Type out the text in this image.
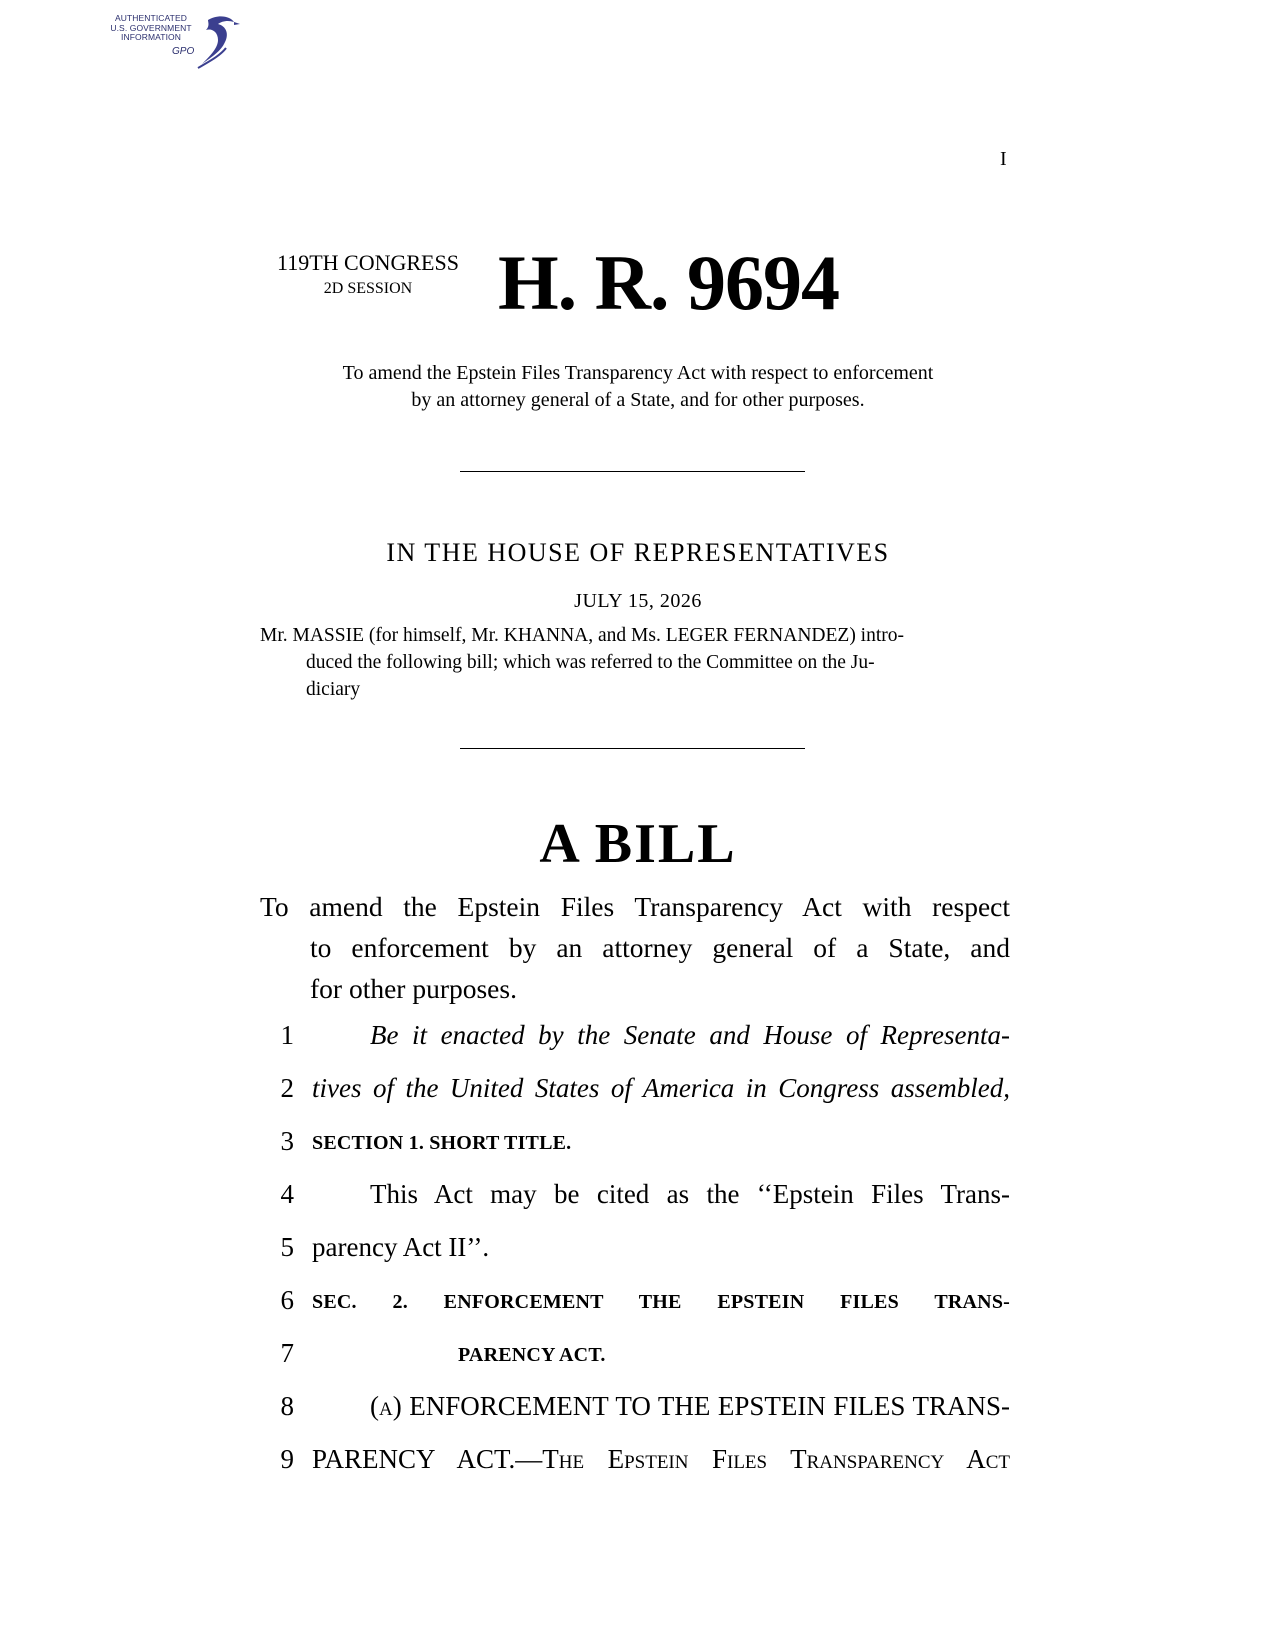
AUTHENTICATED
U.S. GOVERNMENT
INFORMATION
GPO
I
119TH CONGRESS
2D SESSION	H. R. 9694
To amend the Epstein Files Transparency Act with respect to enforcement
by an attorney general of a State, and for other purposes.
IN THE HOUSE OF REPRESENTATIVES
JULY 15, 2026
Mr. MASSIE (for himself, Mr. KHANNA, and Ms. LEGER FERNANDEZ) intro-
duced the following bill; which was referred to the Committee on the Ju-
diciary
A BILL
To amend the Epstein Files Transparency Act with respect
to enforcement by an attorney general of a State, and
for other purposes.
1	Be it enacted by the Senate and House of Representa-
2 tives of the United States of America in Congress assembled,
3 SECTION 1. SHORT TITLE.
4	This Act may be cited as the ‘‘Epstein Files Trans-
5 parency Act II’’.
6 SEC. 2. ENFORCEMENT THE EPSTEIN FILES TRANS-
7	PARENCY ACT.
8	(a) ENFORCEMENT TO THE EPSTEIN FILES TRANS-
9 PARENCY ACT.—The Epstein Files Transparency Act
